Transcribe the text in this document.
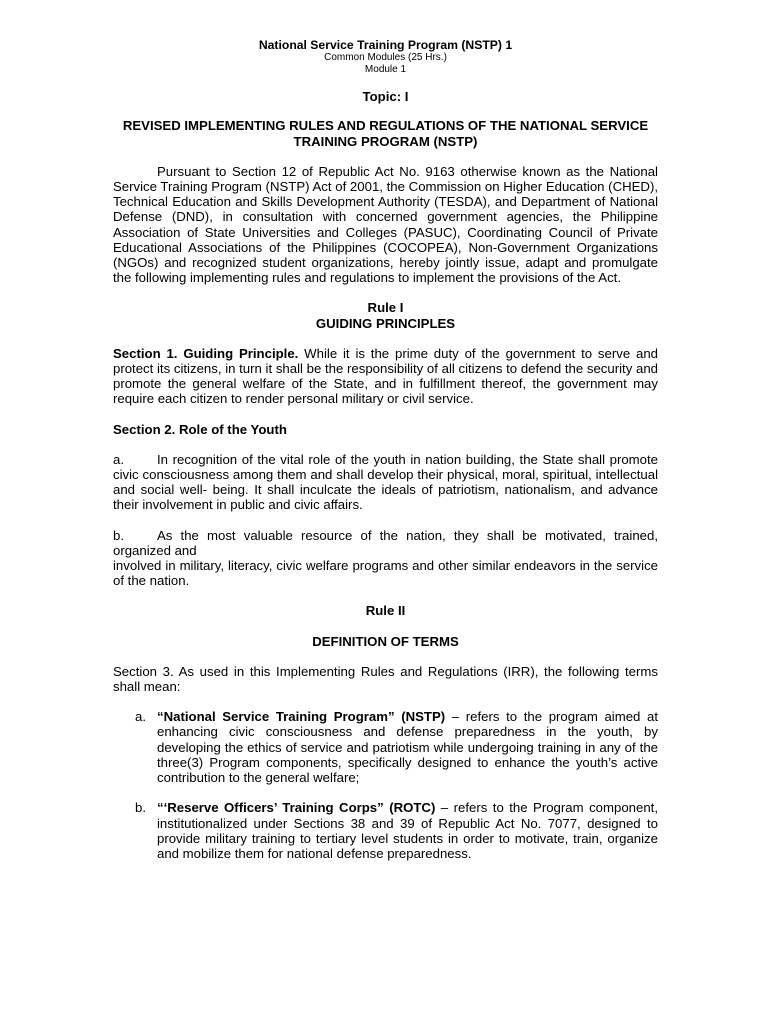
National Service Training Program (NSTP) 1
Common Modules (25 Hrs.)
Module 1
Topic: I
REVISED IMPLEMENTING RULES AND REGULATIONS OF THE NATIONAL SERVICE TRAINING PROGRAM (NSTP)

Pursuant to Section 12 of Republic Act No. 9163 otherwise known as the National Service Training Program (NSTP) Act of 2001, the Commission on Higher Education (CHED), Technical Education and Skills Development Authority (TESDA), and Department of National Defense (DND), in consultation with concerned government agencies, the Philippine Association of State Universities and Colleges (PASUC), Coordinating Council of Private Educational Associations of the Philippines (COCOPEA), Non-Government Organizations (NGOs) and recognized student organizations, hereby jointly issue, adapt and promulgate the following implementing rules and regulations to implement the provisions of the Act.

Rule I
GUIDING PRINCIPLES

Section 1. Guiding Principle. While it is the prime duty of the government to serve and protect its citizens, in turn it shall be the responsibility of all citizens to defend the security and promote the general welfare of the State, and in fulfillment thereof, the government may require each citizen to render personal military or civil service.

Section 2. Role of the Youth

a.	In recognition of the vital role of the youth in nation building, the State shall promote civic consciousness among them and shall develop their physical, moral, spiritual, intellectual and social well- being. It shall inculcate the ideals of patriotism, nationalism, and advance their involvement in public and civic affairs.

b.	As the most valuable resource of the nation, they shall be motivated, trained, organized and

involved in military, literacy, civic welfare programs and other similar endeavors in the service of the nation.

Rule II
DEFINITION OF TERMS

Section 3. As used in this Implementing Rules and Regulations (IRR), the following terms shall mean:

a. “National Service Training Program” (NSTP) – refers to the program aimed at enhancing civic consciousness and defense preparedness in the youth, by developing the ethics of service and patriotism while undergoing training in any of the three(3) Program components, specifically designed to enhance the youth’s active contribution to the general welfare;
b. “‘Reserve Officers’ Training Corps” (ROTC) – refers to the Program component, institutionalized under Sections 38 and 39 of Republic Act No. 7077, designed to provide military training to tertiary level students in order to motivate, train, organize and mobilize them for national defense preparedness.
